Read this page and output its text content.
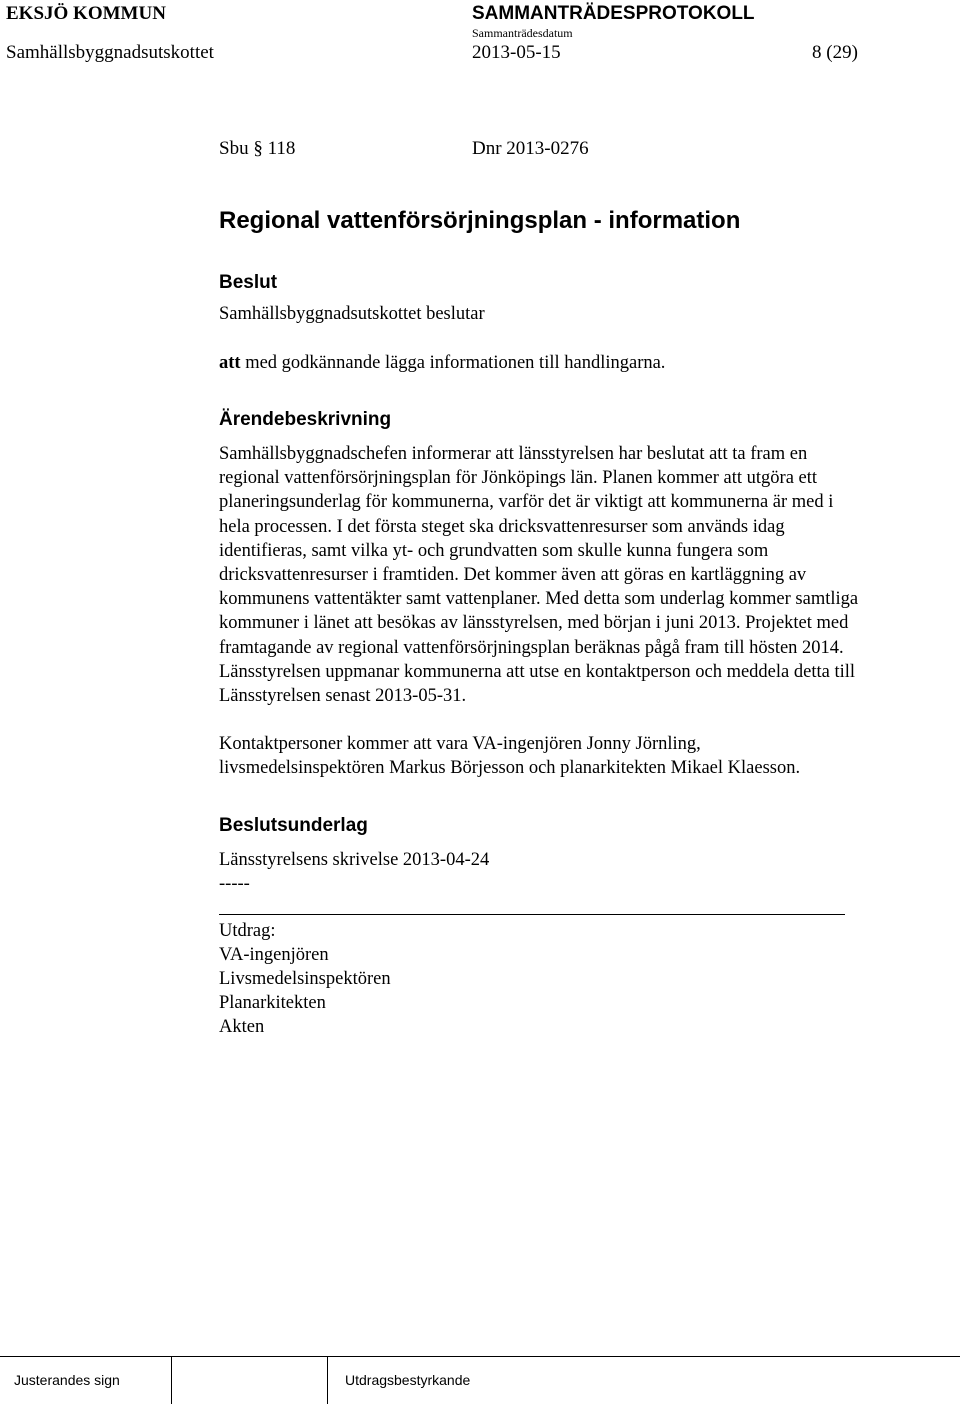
EKSJÖ KOMMUN	SAMMANTRÄDESPROTOKOLL
Sammanträdesdatum
Samhällsbyggnadsutskottet	2013-05-15	8 (29)
Sbu § 118	Dnr 2013-0276
Regional vattenförsörjningsplan - information
Beslut
Samhällsbyggnadsutskottet beslutar
att med godkännande lägga informationen till handlingarna.
Ärendebeskrivning
Samhällsbyggnadschefen informerar att länsstyrelsen har beslutat att ta fram en
regional vattenförsörjningsplan för Jönköpings län. Planen kommer att utgöra ett
planeringsunderlag för kommunerna, varför det är viktigt att kommunerna är med i
hela processen. I det första steget ska dricksvattenresurser som används idag
identifieras, samt vilka yt- och grundvatten som skulle kunna fungera som
dricksvattenresurser i framtiden. Det kommer även att göras en kartläggning av
kommunens vattentäkter samt vattenplaner. Med detta som underlag kommer samtliga
kommuner i länet att besökas av länsstyrelsen, med början i juni 2013. Projektet med
framtagande av regional vattenförsörjningsplan beräknas pågå fram till hösten 2014.
Länsstyrelsen uppmanar kommunerna att utse en kontaktperson och meddela detta till
Länsstyrelsen senast 2013-05-31.
Kontaktpersoner kommer att vara VA-ingenjören Jonny Jörnling,
livsmedelsinspektören Markus Börjesson och planarkitekten Mikael Klaesson.
Beslutsunderlag
Länsstyrelsens skrivelse 2013-04-24
-----
Utdrag:
VA-ingenjören
Livsmedelsinspektören
Planarkitekten
Akten
Justerandes sign	Utdragsbestyrkande
